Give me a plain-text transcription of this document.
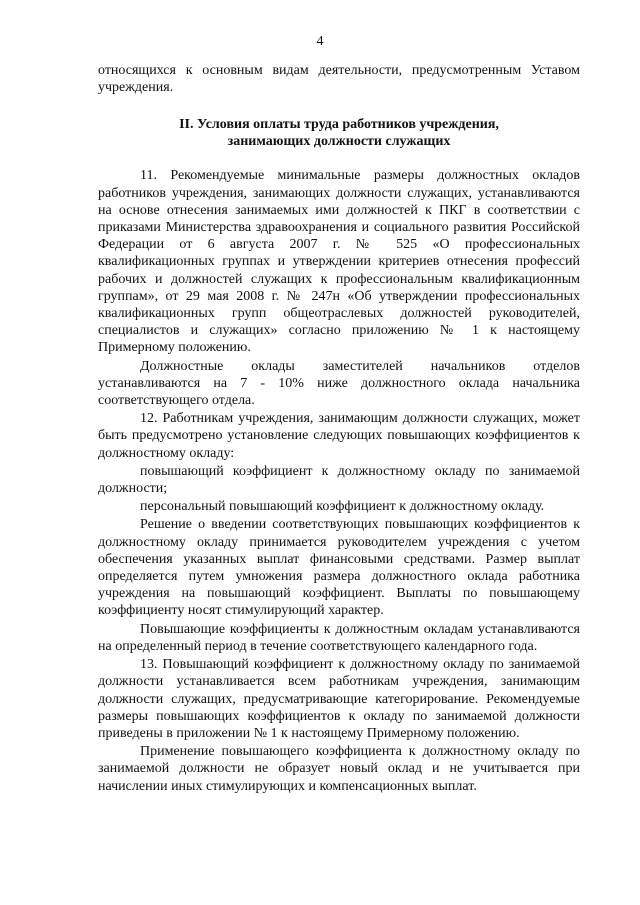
4

относящихся к основным видам деятельности, предусмотренным Уставом учреждения.

II. Условия оплаты труда работников учреждения,
занимающих должности служащих

11. Рекомендуемые минимальные размеры должностных окладов работников учреждения, занимающих должности служащих, устанавливаются на основе отнесения занимаемых ими должностей к ПКГ в соответствии с приказами Министерства здравоохранения и социального развития Российской Федерации от 6 августа 2007 г. № 525 «О профессиональных квалификационных группах и утверждении критериев отнесения профессий рабочих и должностей служащих к профессиональным квалификационным группам», от 29 мая 2008 г. № 247н «Об утверждении профессиональных квалификационных групп общеотраслевых должностей руководителей, специалистов и служащих» согласно приложению № 1 к настоящему Примерному положению.

Должностные оклады заместителей начальников отделов устанавливаются на 7 - 10% ниже должностного оклада начальника соответствующего отдела.

12. Работникам учреждения, занимающим должности служащих, может быть предусмотрено установление следующих повышающих коэффициентов к должностному окладу:

повышающий коэффициент к должностному окладу по занимаемой должности;

персональный повышающий коэффициент к должностному окладу.

Решение о введении соответствующих повышающих коэффициентов к должностному окладу принимается руководителем учреждения с учетом обеспечения указанных выплат финансовыми средствами. Размер выплат определяется путем умножения размера должностного оклада работника учреждения на повышающий коэффициент. Выплаты по повышающему коэффициенту носят стимулирующий характер.

Повышающие коэффициенты к должностным окладам устанавливаются на определенный период в течение соответствующего календарного года.

13. Повышающий коэффициент к должностному окладу по занимаемой должности устанавливается всем работникам учреждения, занимающим должности служащих, предусматривающие категорирование. Рекомендуемые размеры повышающих коэффициентов к окладу по занимаемой должности приведены в приложении № 1 к настоящему Примерному положению.

Применение повышающего коэффициента к должностному окладу по занимаемой должности не образует новый оклад и не учитывается при начислении иных стимулирующих и компенсационных выплат.
